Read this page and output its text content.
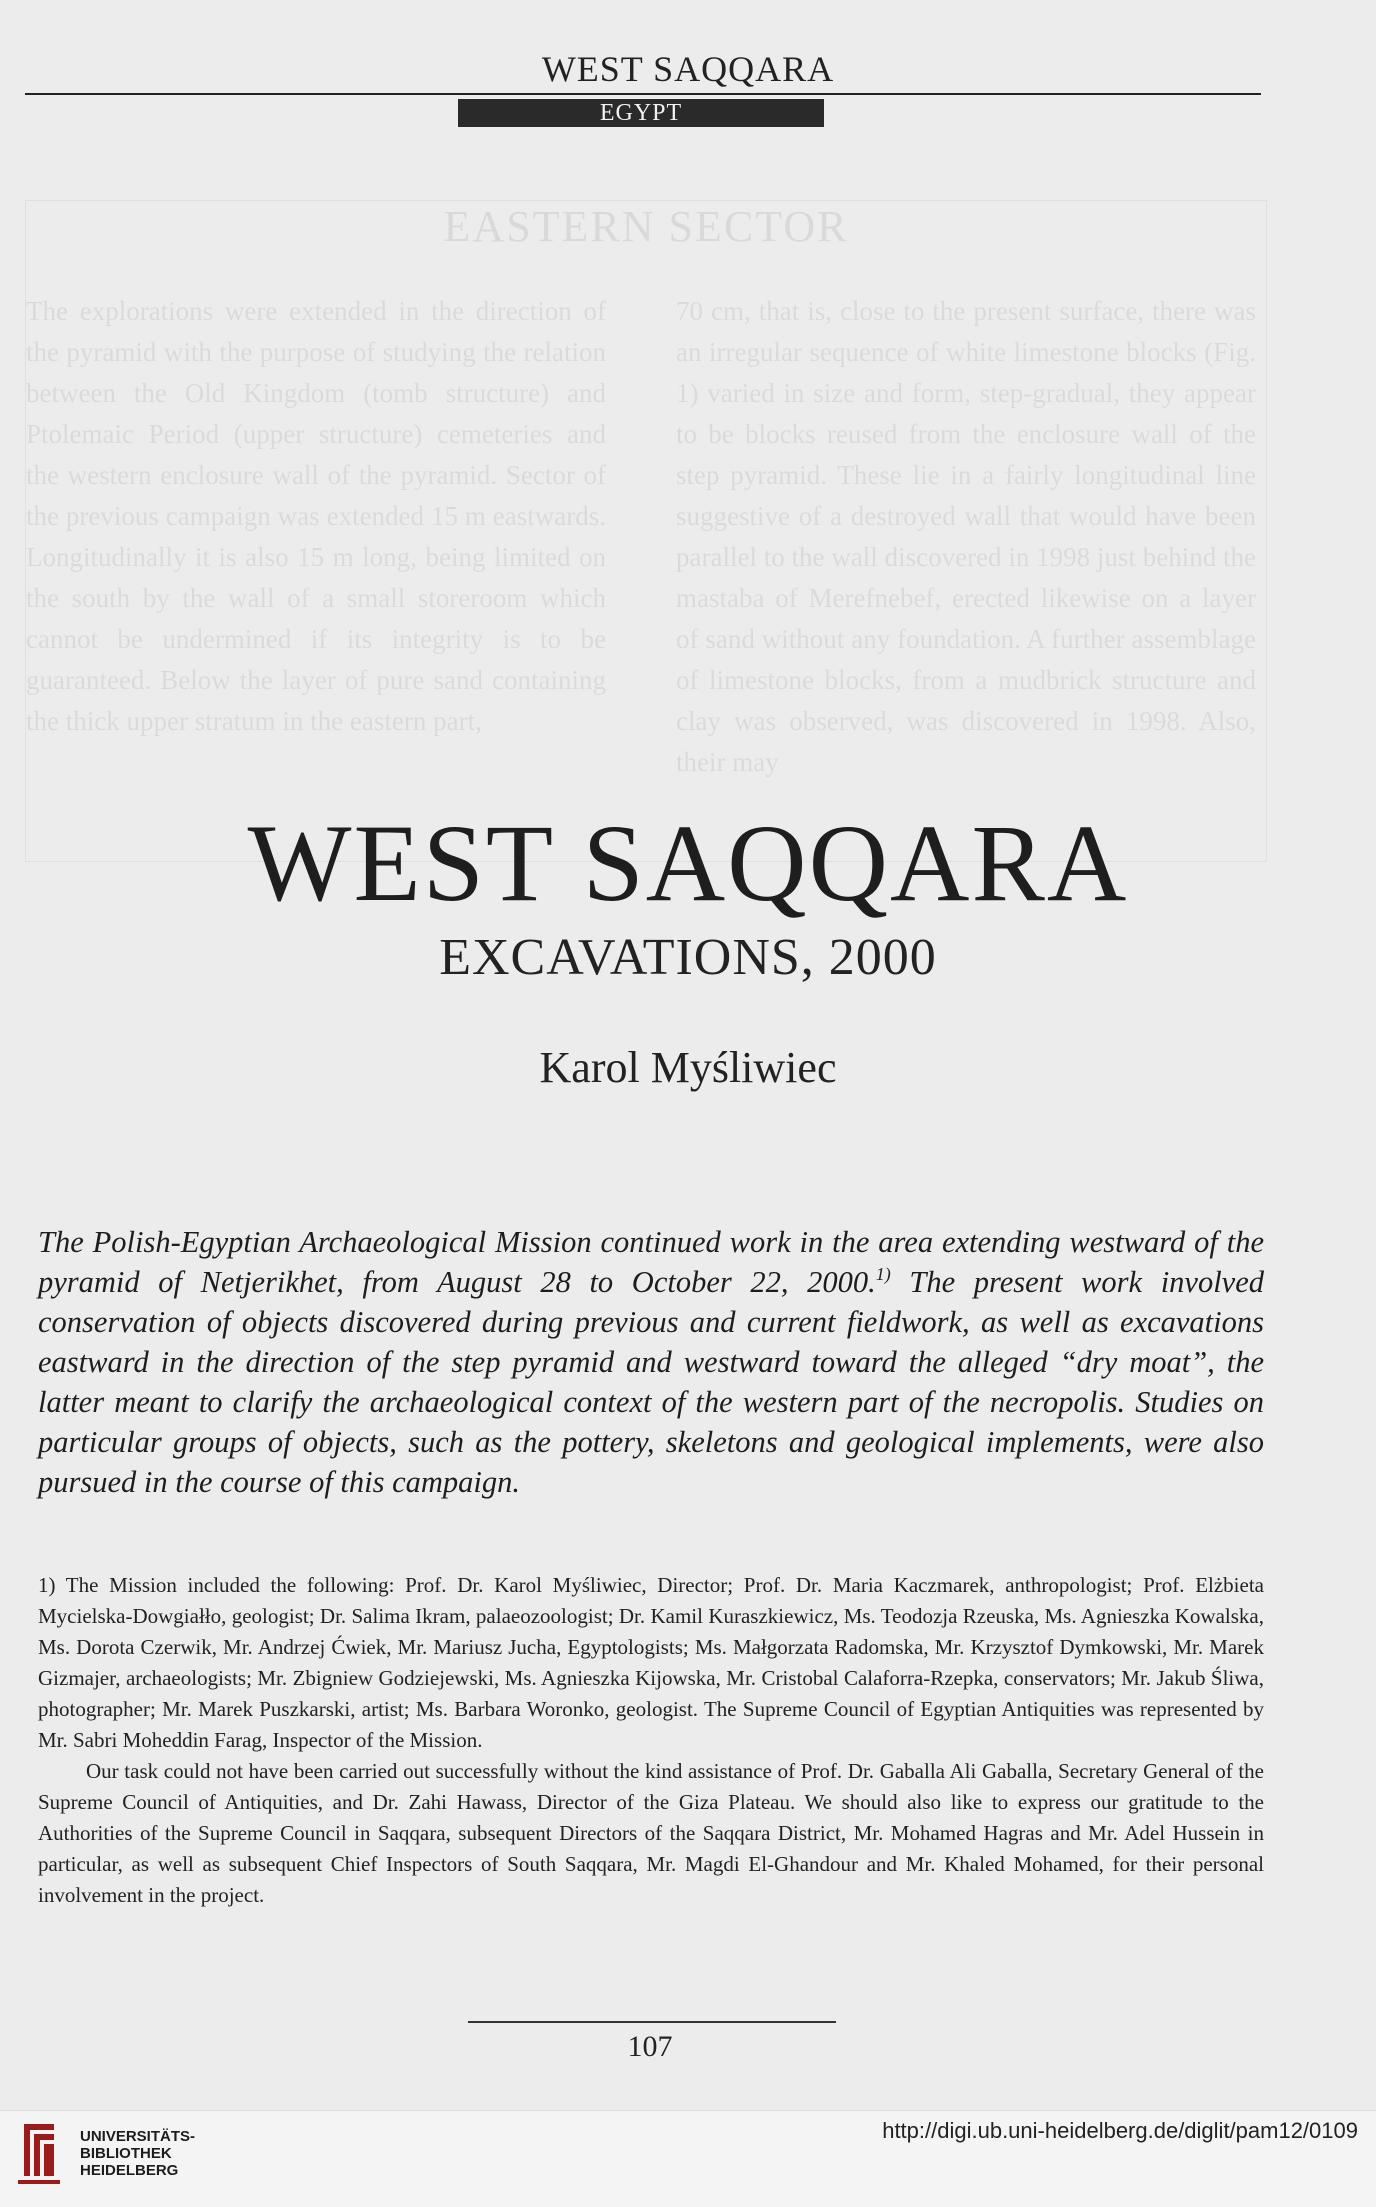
WEST SAQQARA
EGYPT
EASTERN SECTOR
The explorations were extended in the direction of the pyramid with the purpose of studying the relation between the Old Kingdom (tomb structure) and Ptolemaic Period (upper structure) cemeteries and the western enclosure wall of the pyramid. Sector of the previous campaign was extended 15 m eastwards. Longitudinally it is also 15 m long, being limited on the south by the wall of a small storeroom which cannot be undermined if its integrity is to be guaranteed. Below the layer of pure sand containing the thick upper stratum in the eastern part,
70 cm, that is, close to the present surface, there was an irregular sequence of white limestone blocks (Fig. 1) varied in size and form, step-gradual, they appear to be blocks reused from the enclosure wall of the step pyramid. These lie in a fairly longitudinal line suggestive of a destroyed wall that would have been parallel to the wall discovered in 1998 just behind the mastaba of Merefnebef, erected likewise on a layer of sand without any foundation. A further assemblage of limestone blocks, from a mudbrick structure and clay was observed, was discovered in 1998. Also, their may
WEST SAQQARA
EXCAVATIONS, 2000
Karol Myśliwiec
The Polish-Egyptian Archaeological Mission continued work in the area extending westward of the pyramid of Netjerikhet, from August 28 to October 22, 2000.$^{1)}$ The present work involved conservation of objects discovered during previous and current fieldwork, as well as excavations eastward in the direction of the step pyramid and westward toward the alleged “dry moat”, the latter meant to clarify the archaeological context of the western part of the necropolis. Studies on particular groups of objects, such as the pottery, skeletons and geological implements, were also pursued in the course of this campaign.

1) The Mission included the following: Prof. Dr. Karol Myśliwiec, Director; Prof. Dr. Maria Kaczmarek, anthropologist; Prof. Elżbieta Mycielska-Dowgiałło, geologist; Dr. Salima Ikram, palaeozoologist; Dr. Kamil Kuraszkiewicz, Ms. Teodozja Rzeuska, Ms. Agnieszka Kowalska, Ms. Dorota Czerwik, Mr. Andrzej Ćwiek, Mr. Mariusz Jucha, Egyptologists; Ms. Małgorzata Radomska, Mr. Krzysztof Dymkowski, Mr. Marek Gizmajer, archaeologists; Mr. Zbigniew Godziejewski, Ms. Agnieszka Kijowska, Mr. Cristobal Calaforra-Rzepka, conservators; Mr. Jakub Śliwa, photographer; Mr. Marek Puszkarski, artist; Ms. Barbara Woronko, geologist. The Supreme Council of Egyptian Antiquities was represented by Mr. Sabri Moheddin Farag, Inspector of the Mission.

Our task could not have been carried out successfully without the kind assistance of Prof. Dr. Gaballa Ali Gaballa, Secretary General of the Supreme Council of Antiquities, and Dr. Zahi Hawass, Director of the Giza Plateau. We should also like to express our gratitude to the Authorities of the Supreme Council in Saqqara, subsequent Directors of the Saqqara District, Mr. Mohamed Hagras and Mr. Adel Hussein in particular, as well as subsequent Chief Inspectors of South Saqqara, Mr. Magdi El-Ghandour and Mr. Khaled Mohamed, for their personal involvement in the project.

107
UNIVERSITÄTS-
BIBLIOTHEK
HEIDELBERG
http://digi.ub.uni-heidelberg.de/diglit/pam12/0109
